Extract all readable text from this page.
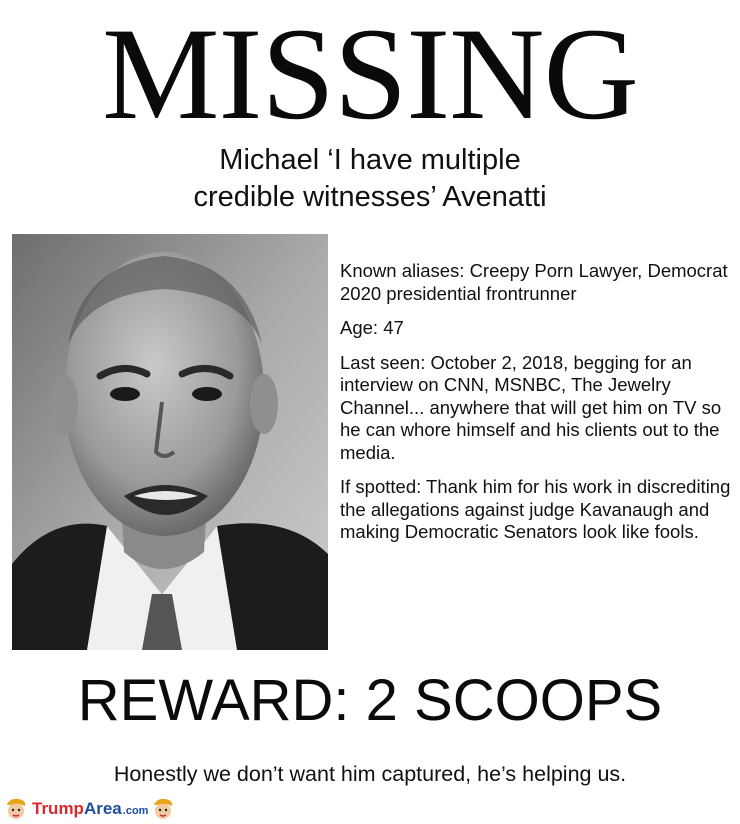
MISSING
Michael ‘I have multiple
credible witnesses’ Avenatti

Known aliases: Creepy Porn Lawyer, Democrat 2020 presidential frontrunner

Age: 47

Last seen: October 2, 2018, begging for an interview on CNN, MSNBC, The Jewelry Channel... anywhere that will get him on TV so he can whore himself and his clients out to the media.

If spotted: Thank him for his work in discrediting the allegations against judge Kavanaugh and making Democratic Senators look like fools.

REWARD: 2 SCOOPS
Honestly we don’t want him captured, he’s helping us.
Trump Area .com
